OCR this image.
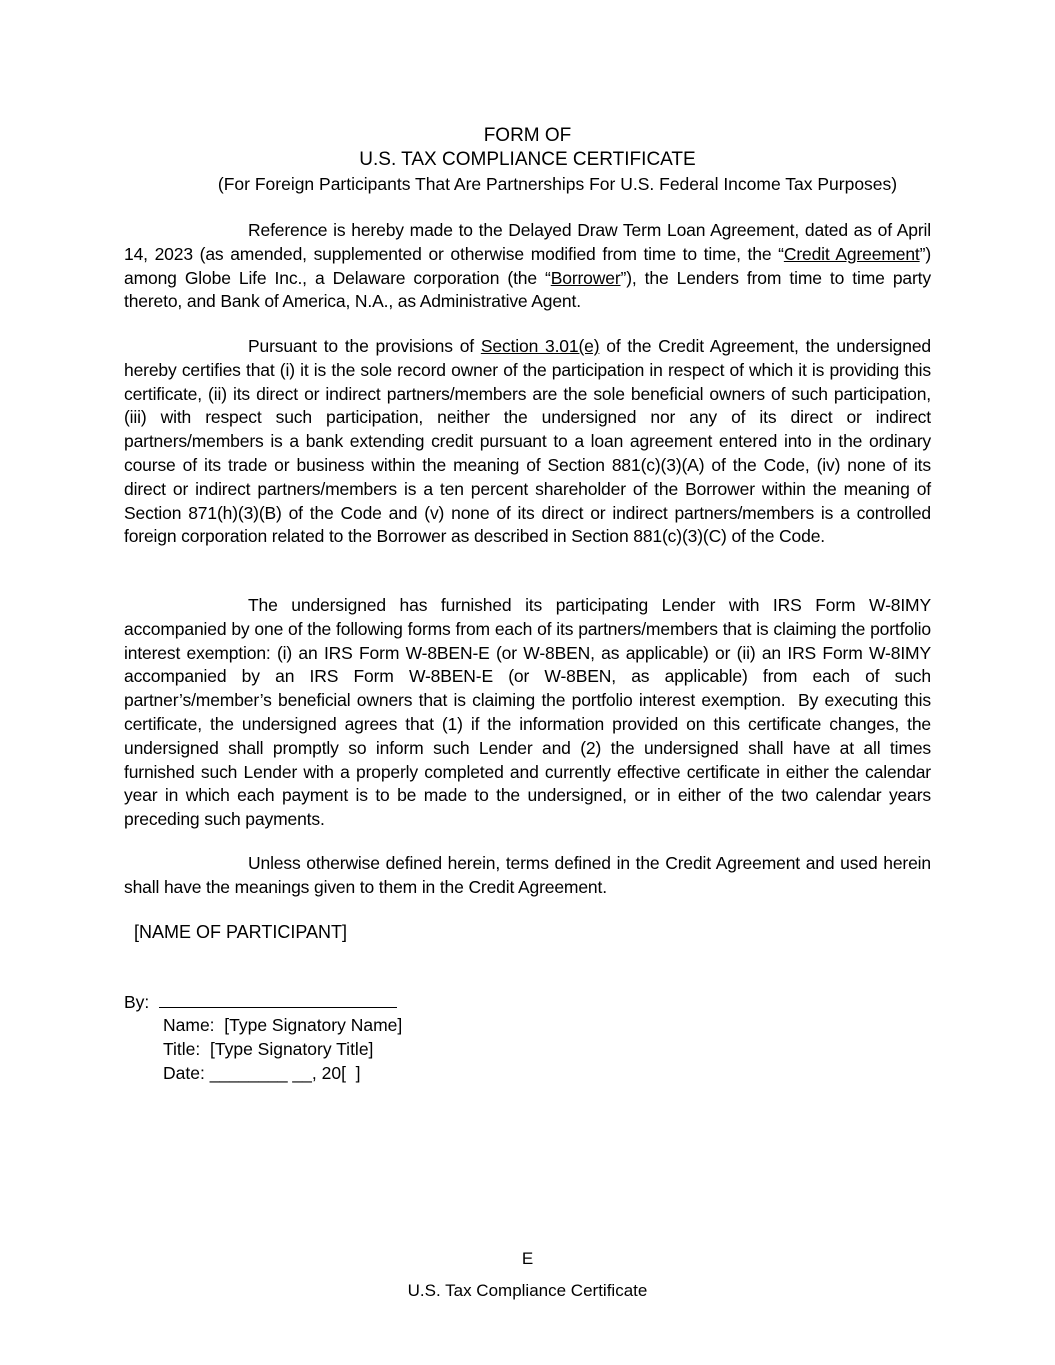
FORM OF
U.S. TAX COMPLIANCE CERTIFICATE
(For Foreign Participants That Are Partnerships For U.S. Federal Income Tax Purposes)
Reference is hereby made to the Delayed Draw Term Loan Agreement, dated as of April 14, 2023 (as amended, supplemented or otherwise modified from time to time, the “Credit Agreement”) among Globe Life Inc., a Delaware corporation (the “Borrower”), the Lenders from time to time party thereto, and Bank of America, N.A., as Administrative Agent.
Pursuant to the provisions of Section 3.01(e) of the Credit Agreement, the undersigned hereby certifies that (i) it is the sole record owner of the participation in respect of which it is providing this certificate, (ii) its direct or indirect partners/members are the sole beneficial owners of such participation, (iii) with respect such participation, neither the undersigned nor any of its direct or indirect partners/members is a bank extending credit pursuant to a loan agreement entered into in the ordinary course of its trade or business within the meaning of Section 881(c)(3)(A) of the Code, (iv) none of its direct or indirect partners/members is a ten percent shareholder of the Borrower within the meaning of Section 871(h)(3)(B) of the Code and (v) none of its direct or indirect partners/members is a controlled foreign corporation related to the Borrower as described in Section 881(c)(3)(C) of the Code.
The undersigned has furnished its participating Lender with IRS Form W-8IMY accompanied by one of the following forms from each of its partners/members that is claiming the portfolio interest exemption: (i) an IRS Form W-8BEN-E (or W-8BEN, as applicable) or (ii) an IRS Form W-8IMY accompanied by an IRS Form W-8BEN-E (or W-8BEN, as applicable) from each of such partner’s/member’s beneficial owners that is claiming the portfolio interest exemption.  By executing this certificate, the undersigned agrees that (1) if the information provided on this certificate changes, the undersigned shall promptly so inform such Lender and (2) the undersigned shall have at all times furnished such Lender with a properly completed and currently effective certificate in either the calendar year in which each payment is to be made to the undersigned, or in either of the two calendar years preceding such payments.
Unless otherwise defined herein, terms defined in the Credit Agreement and used herein shall have the meanings given to them in the Credit Agreement.
[NAME OF PARTICIPANT]
By:
Name:  [Type Signatory Name]
Title:  [Type Signatory Title]
Date: ________ __, 20[  ]
E
U.S. Tax Compliance Certificate
